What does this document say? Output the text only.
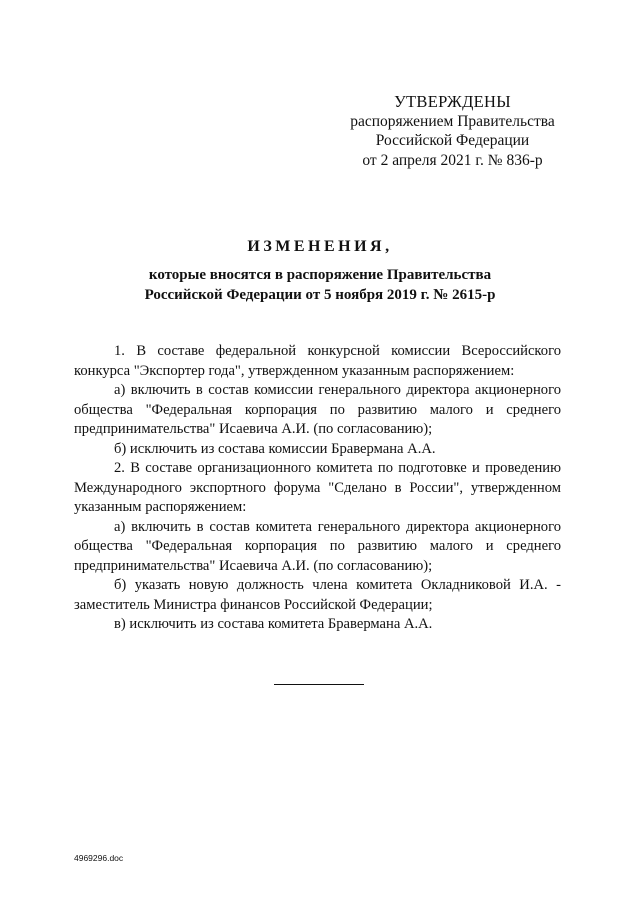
УТВЕРЖДЕНЫ
распоряжением Правительства
Российской Федерации
от 2 апреля 2021 г. № 836-р
ИЗМЕНЕНИЯ,
которые вносятся в распоряжение Правительства
Российской Федерации от 5 ноября 2019 г. № 2615-р

1. В составе федеральной конкурсной комиссии Всероссийского конкурса "Экспортер года", утвержденном указанным распоряжением:

а) включить в состав комиссии генерального директора акционерного общества "Федеральная корпорация по развитию малого и среднего предпринимательства" Исаевича А.И. (по согласованию);

б) исключить из состава комиссии Бравермана А.А.

2. В составе организационного комитета по подготовке и проведению Международного экспортного форума "Сделано в России", утвержденном указанным распоряжением:

а) включить в состав комитета генерального директора акционерного общества "Федеральная корпорация по развитию малого и среднего предпринимательства" Исаевича А.И. (по согласованию);

б) указать новую должность члена комитета Окладниковой И.А. - заместитель Министра финансов Российской Федерации;

в) исключить из состава комитета Бравермана А.А.

4969296.doc
